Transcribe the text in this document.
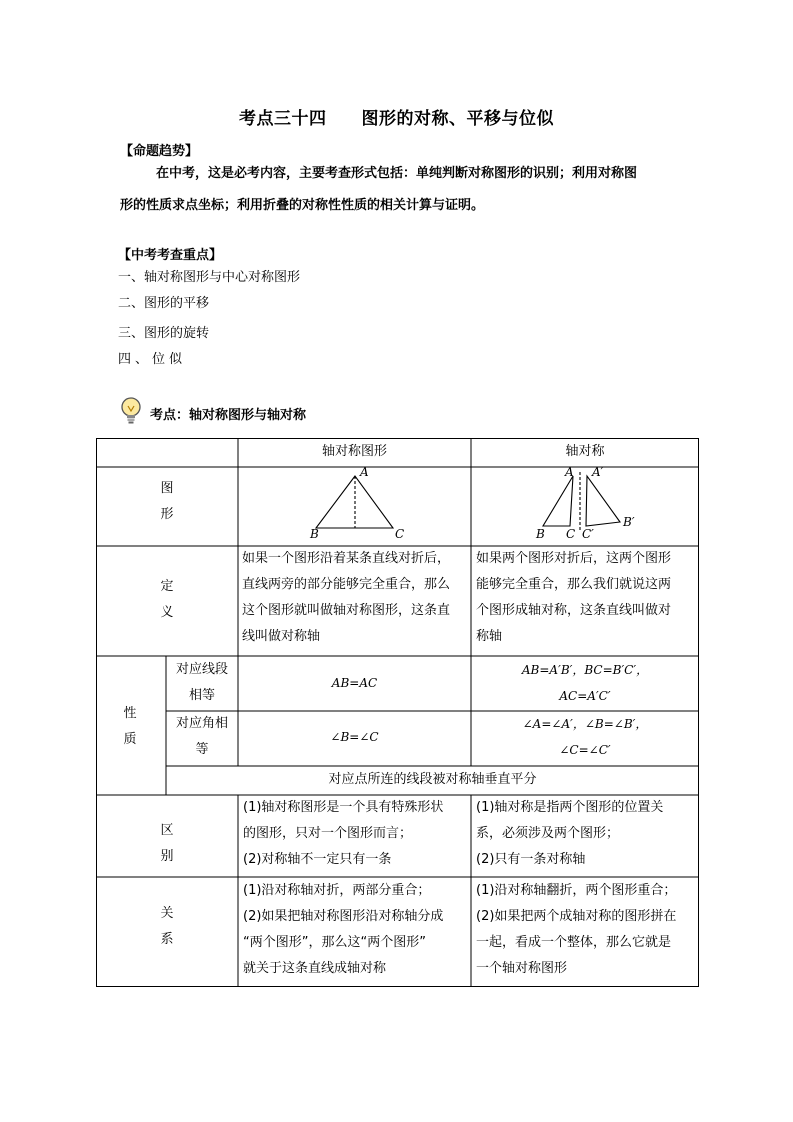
考点三十四　　图形的对称、平移与位似
【命题趋势】
在中考，这是必考内容，主要考查形式包括：单纯判断对称图形的识别；利用对称图
形的性质求点坐标；利用折叠的对称性性质的相关计算与证明。
【中考考查重点】
一、轴对称图形与中心对称图形
二、图形的平移
三、图形的旋转
四、位似
考点：轴对称图形与轴对称
A
B	C
A A′
B C C′
B′
轴对称图形	轴对称
图
形
定
义
如果一个图形沿着某条直线对折后，
直线两旁的部分能够完全重合，那么
这个图形就叫做轴对称图形，这条直
线叫做对称轴
如果两个图形对折后，这两个图形
能够完全重合，那么我们就说这两
个图形成轴对称，这条直线叫做对
称轴
性
质
对应线段
相等
AB=AC
AB=A′B′，BC=B′C′，
AC=A′C′
对应角相
等
∠B=∠C
∠A=∠A′，∠B=∠B′，
∠C=∠C′
对应点所连的线段被对称轴垂直平分
区
别
(1)轴对称图形是一个具有特殊形状
的图形，只对一个图形而言；
(2)对称轴不一定只有一条
(1)轴对称是指两个图形的位置关
系，必须涉及两个图形；
(2)只有一条对称轴
关
系
(1)沿对称轴对折，两部分重合；
(2)如果把轴对称图形沿对称轴分成
“两个图形”，那么这“两个图形”
就关于这条直线成轴对称
(1)沿对称轴翻折，两个图形重合；
(2)如果把两个成轴对称的图形拼在
一起，看成一个整体，那么它就是
一个轴对称图形
